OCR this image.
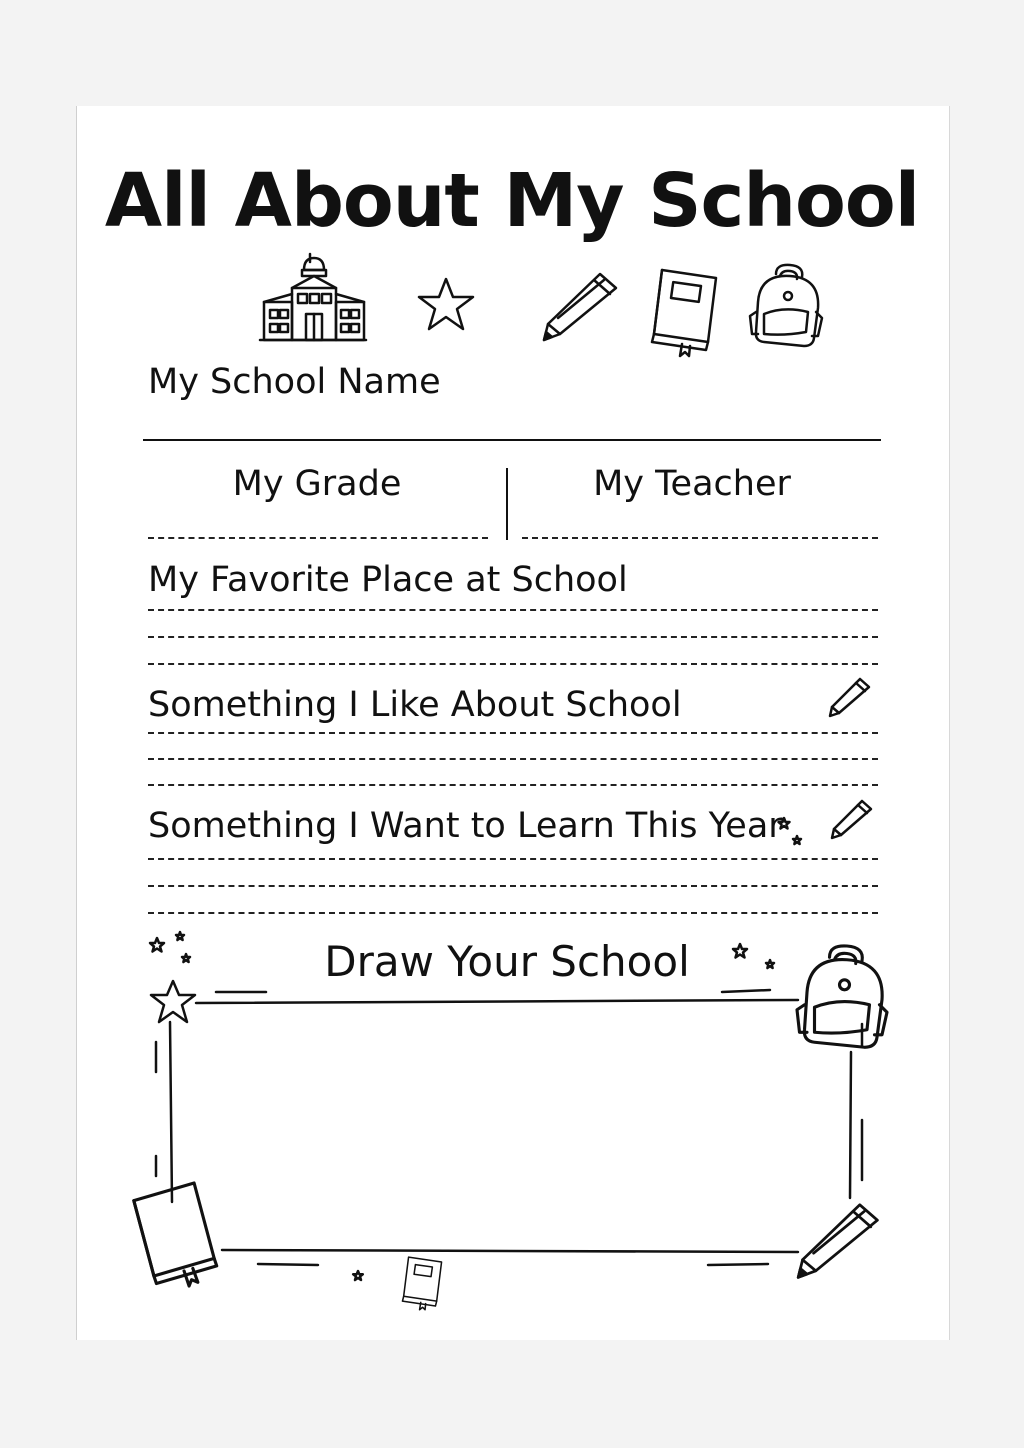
All About My School
My School Name
My Grade	My Teacher
My Favorite Place at School
Something I Like About School
Something I Want to Learn This Year
Draw Your School
